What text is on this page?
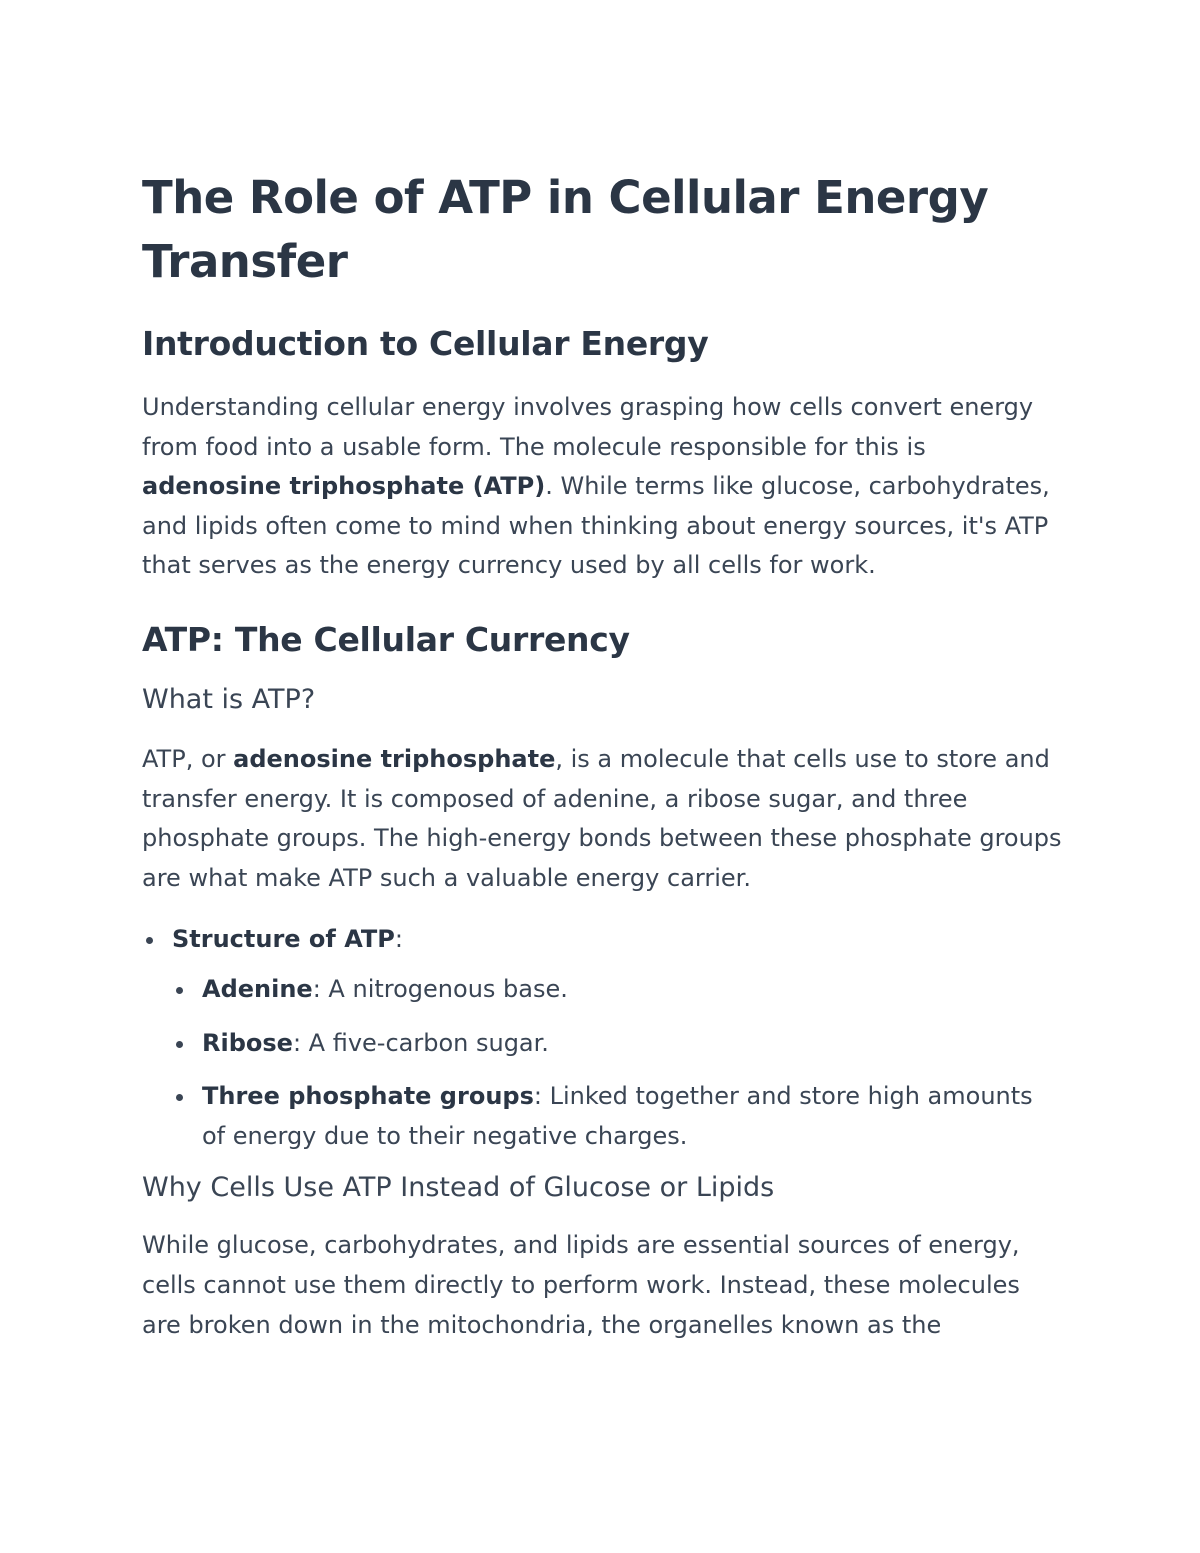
The Role of ATP in Cellular Energy Transfer
Introduction to Cellular Energy

Understanding cellular energy involves grasping how cells convert energy from food into a usable form. The molecule responsible for this is adenosine triphosphate (ATP). While terms like glucose, carbohydrates, and lipids often come to mind when thinking about energy sources, it's ATP that serves as the energy currency used by all cells for work.

ATP: The Cellular Currency
What is ATP?

ATP, or adenosine triphosphate, is a molecule that cells use to store and transfer energy. It is composed of adenine, a ribose sugar, and three phosphate groups. The high-energy bonds between these phosphate groups are what make ATP such a valuable energy carrier.

Structure of ATP:
Adenine: A nitrogenous base.
Ribose: A five-carbon sugar.
Three phosphate groups: Linked together and store high amounts of energy due to their negative charges.
Why Cells Use ATP Instead of Glucose or Lipids

While glucose, carbohydrates, and lipids are essential sources of energy, cells cannot use them directly to perform work. Instead, these molecules are broken down in the mitochondria, the organelles known as the
